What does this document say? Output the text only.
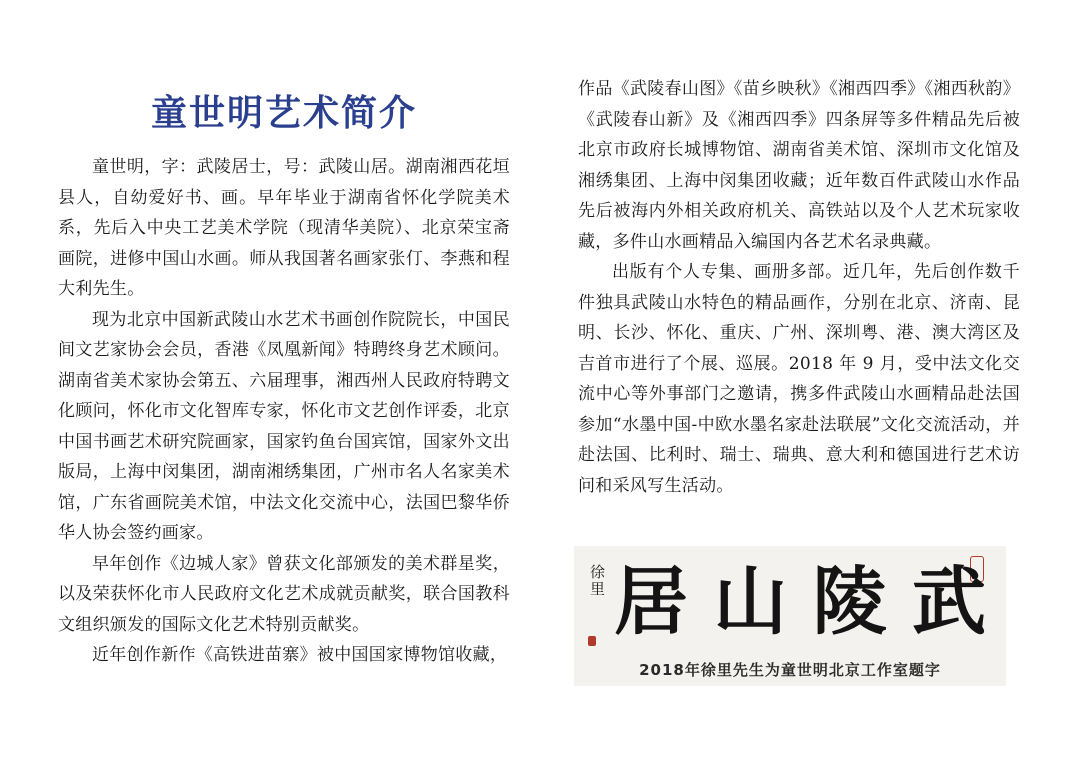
童世明艺术简介

童世明，字：武陵居士，号：武陵山居。湖南湘西花垣县人，自幼爱好书、画。早年毕业于湖南省怀化学院美术系，先后入中央工艺美术学院（现清华美院）、北京荣宝斋画院，进修中国山水画。师从我国著名画家张仃、李燕和程大利先生。

现为北京中国新武陵山水艺术书画创作院院长，中国民间文艺家协会会员，香港《凤凰新闻》特聘终身艺术顾问。湖南省美术家协会第五、六届理事，湘西州人民政府特聘文化顾问，怀化市文化智库专家，怀化市文艺创作评委，北京中国书画艺术研究院画家，国家钓鱼台国宾馆，国家外文出版局，上海中闵集团，湖南湘绣集团，广州市名人名家美术馆，广东省画院美术馆，中法文化交流中心，法国巴黎华侨华人协会签约画家。

早年创作《边城人家》曾获文化部颁发的美术群星奖，以及荣获怀化市人民政府文化艺术成就贡献奖，联合国教科文组织颁发的国际文化艺术特别贡献奖。

近年创作新作《高铁进苗寨》被中国国家博物馆收藏，

作品《武陵春山图》《苗乡映秋》《湘西四季》《湘西秋韵》《武陵春山新》及《湘西四季》四条屏等多件精品先后被北京市政府长城博物馆、湖南省美术馆、深圳市文化馆及湘绣集团、上海中闵集团收藏；近年数百件武陵山水作品先后被海内外相关政府机关、高铁站以及个人艺术玩家收藏，多件山水画精品入编国内各艺术名录典藏。

出版有个人专集、画册多部。近几年，先后创作数千件独具武陵山水特色的精品画作，分别在北京、济南、昆明、长沙、怀化、重庆、广州、深圳粤、港、澳大湾区及吉首市进行了个展、巡展。2018 年 9 月，受中法文化交流中心等外事部门之邀请，携多件武陵山水画精品赴法国参加“水墨中国-中欧水墨名家赴法联展”文化交流活动，并赴法国、比利时、瑞士、瑞典、意大利和德国进行艺术访问和采风写生活动。

徐里 居 山 陵 武
2018年徐里先生为童世明北京工作室题字
